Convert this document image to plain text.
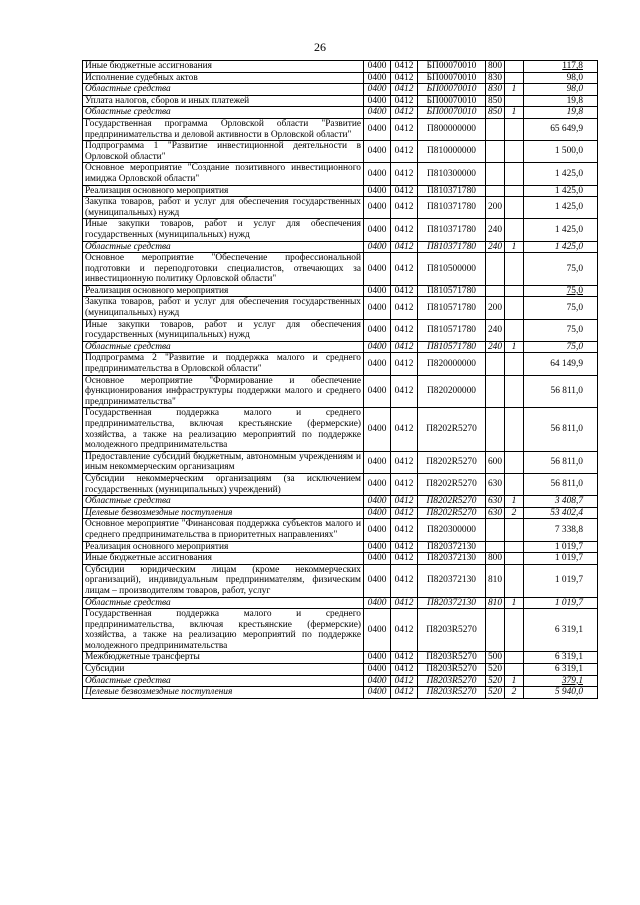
26
Иные бюджетные ассигнования	0400	0412	БП00070010	800		117,8
Исполнение судебных актов	0400	0412	БП00070010	830		98,0
Областные средства	0400	0412	БП00070010	830	1	98,0
Уплата налогов, сборов и иных платежей	0400	0412	БП00070010	850		19,8
Областные средства	0400	0412	БП00070010	850	1	19,8
Государственная программа Орловской области "Развитие предпринимательства и деловой активности в Орловской области"	0400	0412	П800000000			65 649,9
Подпрограмма 1 "Развитие инвестиционной деятельности в Орловской области"	0400	0412	П810000000			1 500,0
Основное мероприятие "Создание позитивного инвестиционного имиджа Орловской области"	0400	0412	П810300000			1 425,0
Реализация основного мероприятия	0400	0412	П810371780			1 425,0
Закупка товаров, работ и услуг для обеспечения государственных (муниципальных) нужд	0400	0412	П810371780	200		1 425,0
Иные закупки товаров, работ и услуг для обеспечения государственных (муниципальных) нужд	0400	0412	П810371780	240		1 425,0
Областные средства	0400	0412	П810371780	240	1	1 425,0
Основное мероприятие "Обеспечение профессиональной подготовки и переподготовки специалистов, отвечающих за инвестиционную политику Орловской области"	0400	0412	П810500000			75,0
Реализация основного мероприятия	0400	0412	П810571780			75,0
Закупка товаров, работ и услуг для обеспечения государственных (муниципальных) нужд	0400	0412	П810571780	200		75,0
Иные закупки товаров, работ и услуг для обеспечения государственных (муниципальных) нужд	0400	0412	П810571780	240		75,0
Областные средства	0400	0412	П810571780	240	1	75,0
Подпрограмма 2 "Развитие и поддержка малого и среднего предпринимательства в Орловской области"	0400	0412	П820000000			64 149,9
Основное мероприятие "Формирование и обеспечение функционирования инфраструктуры поддержки малого и среднего предпринимательства"	0400	0412	П820200000			56 811,0
Государственная поддержка малого и среднего предпринимательства, включая крестьянские (фермерские) хозяйства, а также на реализацию мероприятий по поддержке молодежного предпринимательства	0400	0412	П8202R5270			56 811,0
Предоставление субсидий бюджетным, автономным учреждениям и иным некоммерческим организациям	0400	0412	П8202R5270	600		56 811,0
Субсидии некоммерческим организациям (за исключением государственных (муниципальных) учреждений)	0400	0412	П8202R5270	630		56 811,0
Областные средства	0400	0412	П8202R5270	630	1	3 408,7
Целевые безвозмездные поступления	0400	0412	П8202R5270	630	2	53 402,4
Основное мероприятие "Финансовая поддержка субъектов малого и среднего предпринимательства в приоритетных направлениях"	0400	0412	П820300000			7 338,8
Реализация основного мероприятия	0400	0412	П820372130			1 019,7
Иные бюджетные ассигнования	0400	0412	П820372130	800		1 019,7
Субсидии юридическим лицам (кроме некоммерческих организаций), индивидуальным предпринимателям, физическим лицам – производителям товаров, работ, услуг	0400	0412	П820372130	810		1 019,7
Областные средства	0400	0412	П820372130	810	1	1 019,7
Государственная поддержка малого и среднего предпринимательства, включая крестьянские (фермерские) хозяйства, а также на реализацию мероприятий по поддержке молодежного предпринимательства	0400	0412	П8203R5270			6 319,1
Межбюджетные трансферты	0400	0412	П8203R5270	500		6 319,1
Субсидии	0400	0412	П8203R5270	520		6 319,1
Областные средства	0400	0412	П8203R5270	520	1	379,1
Целевые безвозмездные поступления	0400	0412	П8203R5270	520	2	5 940,0
